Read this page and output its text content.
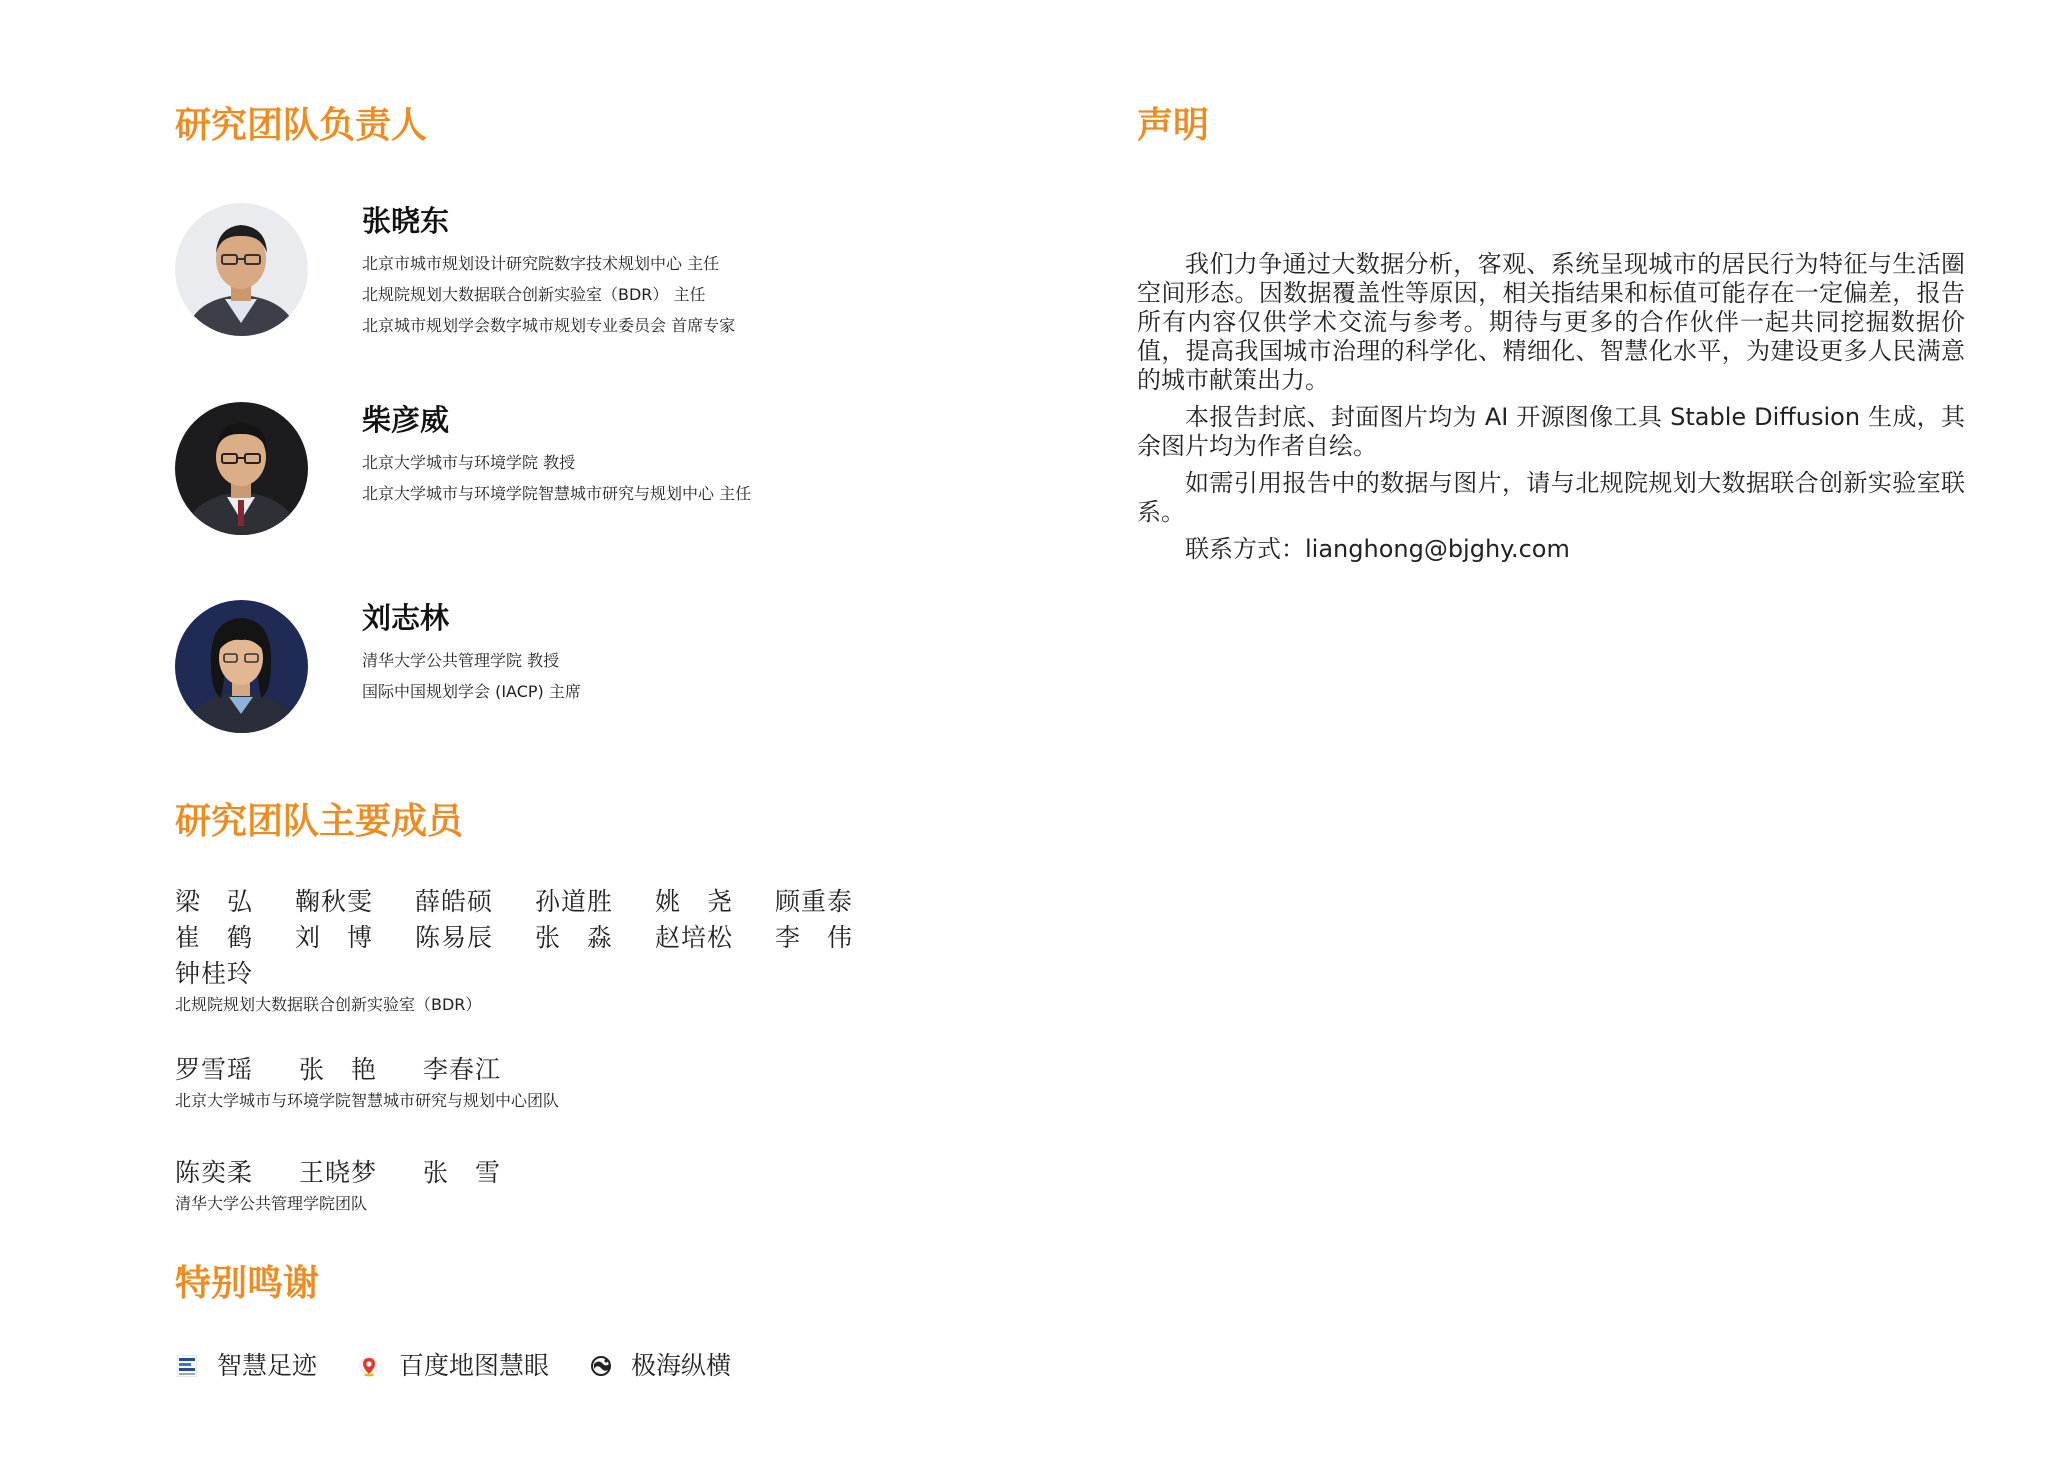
研究团队负责人
张晓东
北京市城市规划设计研究院数字技术规划中心 主任
北规院规划大数据联合创新实验室（BDR） 主任
北京城市规划学会数字城市规划专业委员会 首席专家
柴彦威
北京大学城市与环境学院 教授
北京大学城市与环境学院智慧城市研究与规划中心 主任
刘志林
清华大学公共管理学院 教授
国际中国规划学会 (IACP) 主席
研究团队主要成员
梁　弘	鞠秋雯	薛皓硕	孙道胜	姚　尧	顾重泰
崔　鹤	刘　博	陈易辰	张　淼	赵培松	李　伟
钟桂玲
北规院规划大数据联合创新实验室（BDR）
罗雪瑶	张　艳	李春江
北京大学城市与环境学院智慧城市研究与规划中心团队
陈奕柔	王晓梦	张　雪
清华大学公共管理学院团队
特别鸣谢
智慧足迹	百度地图慧眼	极海纵横
声明

我们力争通过大数据分析，客观、系统呈现城市的居民行为特征与生活圈空间形态。因数据覆盖性等原因，相关指结果和标值可能存在一定偏差，报告所有内容仅供学术交流与参考。期待与更多的合作伙伴一起共同挖掘数据价值，提高我国城市治理的科学化、精细化、智慧化水平，为建设更多人民满意的城市献策出力。

本报告封底、封面图片均为 AI 开源图像工具 Stable Diffusion 生成，其余图片均为作者自绘。

如需引用报告中的数据与图片，请与北规院规划大数据联合创新实验室联系。

联系方式：lianghong@bjghy.com
